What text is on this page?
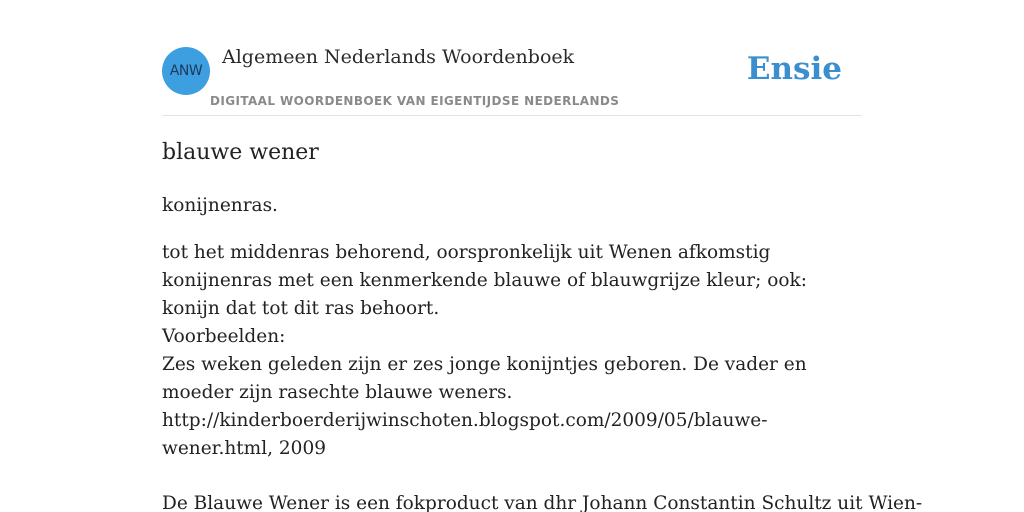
ANW
Algemeen Nederlands Woordenboek
DIGITAAL WOORDENBOEK VAN EIGENTIJDSE NEDERLANDS
Ensie
blauwe wener
konijnenras.
tot het middenras behorend, oorspronkelijk uit Wenen afkomstig konijnenras met een kenmerkende blauwe of blauwgrijze kleur; ook: konijn dat tot dit ras behoort.
Voorbeelden:
Zes weken geleden zijn er zes jonge konijntjes geboren. De vader en moeder zijn rasechte blauwe weners.
http://kinderboerderijwinschoten.blogspot.com/2009/05/blauwe-wener.html, 2009
De Blauwe Wener is een fokproduct van dhr Johann Constantin Schultz uit Wien-
